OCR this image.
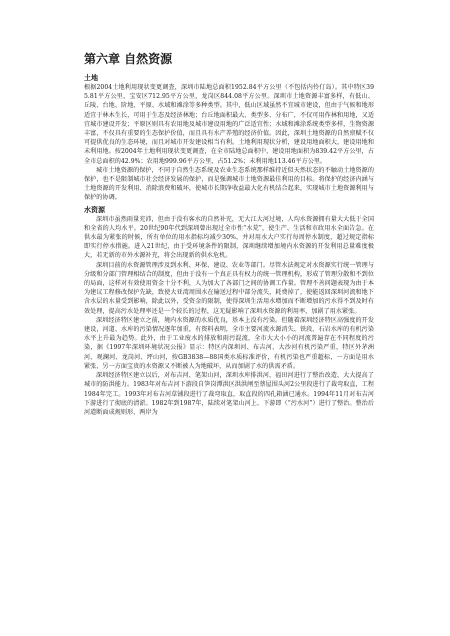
第六章 自然资源
土地

根据2004土地利用现状变更调查，深圳市陆地总面积1952.84平方公里（不包括内伶仃岛）。其中特区395.81平方公里，宝安区712.95平方公里，龙岗区844.08平方公里。深圳市土地资源丰富多样，有低山、丘陵、台地、阶地、平原、水域和滩涂等多种类型。其中，低山区域虽然不宜城市建设，但由于气候和地形适宜于林木生长，可用于生态及经济林地；台丘地面积最大、类型多、分布广，不仅可用作林和用地，又适宜城市建设开发；平原区则具有农用地及城市建设用地的广泛适宜性；水域和滩涂系统类型多样，生物资源丰富，不仅具有重要的生态保护价值，而且具有水产养殖的经济价值。因此，深圳土地资源的自然禀赋不仅可提供优良的生态环境，而且对城市开发建设相当有利。土地利用现状分析，建设用地面积大，建设用地和未利用地。按2004年土地利用现状变更调查，在全市陆地总面积中，建设用地面积为839.42平方公里，占全市总面积的42.9%；农用地999.96平方公里，占51.2%；未利用地113.46平方公里。

城市土地资源的保护，不同于自然生态系统及农业生态系统那样维持近似天然状态的不触动土地资源的保护，也不是限制城市社会经济发展的保护，而是强调城市土地资源最佳利用的目标。将保护的经济内涵与土地资源的开发利用、消除浪费和破坏，使城市长期净收益最大化有机结合起来，实现城市土地资源利用与保护的协调。

水资源

深圳市虽然雨量充沛，但由于没有客水的自然补充，无大江大河过境，人均水资源拥有量大大低于全国和全省的人均水平。20世纪90年代到深圳曾出现过全市性“水荒”，使生产、生活和市政用水全面告急。在供水最为紧张的时候，所有单位的用水指标均减少30%，并对用水大户实行每周停水制度，超过规定指标即实行停水措施。进入21世纪，由于受环境条件的限制，深圳继续增加境内水资源的开发利用总量难度极大，若无新的市外水源补充，将会出现新的供水危机。

深圳目前的水资源管理涉及到水利、环保、建设、农业等部门。尽管水法规定对水资源实行统一管理与分级和分部门管理相结合的制度，但由于没有一个真正具有权力的统一管理机构，形成了管理分散和不到位的局面，这样对有效使用资金十分不利，人为加大了各部门之间的协调工作量。管理不善问题表现为由于本为建议工程修改保护先缺，致使大亚湾周围水在输送过程中部分流失，耗费掉了，使能返回深圳河流和地下含水层的水量受到影响，除此以外，受资金的限制，使得深圳生活用水增加而不断增加的污水得不到及时有效处理，提高污水处理率还是一个较长的过程，这无疑影响了深圳水资源的利用率，加剧了用水紧张。

深圳经济特区建立之前，境内水资源的水质优良，基本上没有污染。但随着深圳经济特区高强度的开发建设，河道、水库的污染情况逐年加重，有资料表明，全市主要河流水源消失、铁段、石岩水库的有机污染水平上升最为趋势。此外，由于工业废水的排放和雨污混流，全市大大小小的河流普遍存在不同程度的污染，据《1997年深圳环境状况公报》显示：特区内深圳河、布吉河、大沙河有机污染严重，特区外茅洲河、观澜河、龙岗河、坪山河，按GB3838—88国类水质标准评价，有机污染也严重超标，一方面是用水紧张，另一方面宝贵的水资源又不断被人为地破坏，从而加剧了水的供需矛盾。

深圳经济特区建立以后，对布吉河、笔架山河，深圳水库排洪河、福田河进行了整治改造，大大提高了城市的防洪能力。1983年对布吉河下游段自笋岗潭洪区洪洪闸至蔡屋围头河2公里段进行了裁弯取直，工程1984年完工。1993年对布吉河草铺段进行了裁弯取直，取直段的四孔箱涵已通水。1994年11月对布吉河下游进行了彻底的清淤。1982年到1987年，陆续对笔架山河上、下游即（“污水河”）进行了整治。整治后河道断面成规则形，两岸为
